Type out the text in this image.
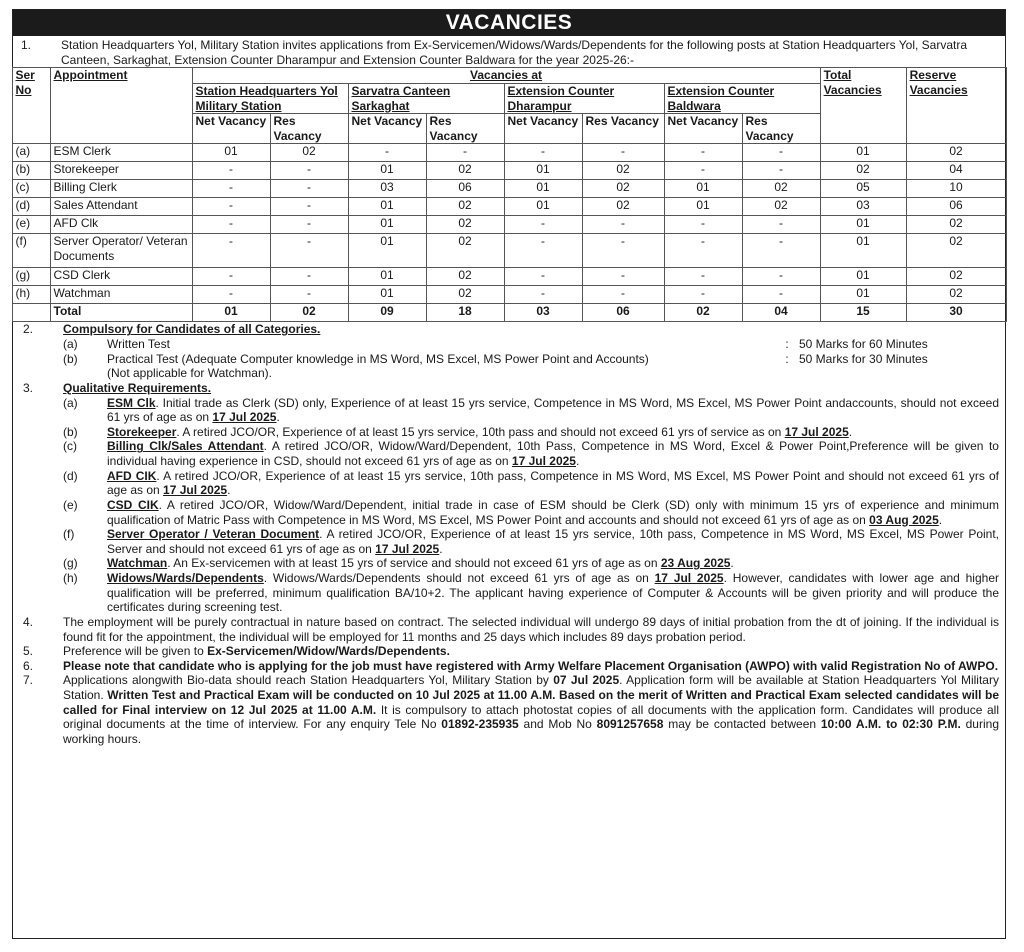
VACANCIES
1.	Station Headquarters Yol, Military Station invites applications from Ex-Servicemen/Widows/Wards/Dependents for the following posts at Station Headquarters Yol, Sarvatra Canteen, Sarkaghat, Extension Counter Dharampur and Extension Counter Baldwara for the year 2025-26:-
Ser No	Appointment	Vacancies at								Total Vacancies	Reserve Vacancies
		Station Headquarters Yol Military Station		Sarvatra Canteen Sarkaghat		Extension Counter Dharampur		Extension Counter Baldwara			
		Net Vacancy	Res Vacancy	Net Vacancy	Res Vacancy	Net Vacancy	Res Vacancy	Net Vacancy	Res Vacancy		
(a)	ESM Clerk	01	02	-	-	-	-	-	-	01	02
(b)	Storekeeper	-	-	01	02	01	02	-	-	02	04
(c)	Billing Clerk	-	-	03	06	01	02	01	02	05	10
(d)	Sales Attendant	-	-	01	02	01	02	01	02	03	06
(e)	AFD Clk	-	-	01	02	-	-	-	-	01	02
(f)	Server Operator/ Veteran Documents	-	-	01	02	-	-	-	-	01	02
(g)	CSD Clerk	-	-	01	02	-	-	-	-	01	02
(h)	Watchman	-	-	01	02	-	-	-	-	01	02
	Total	01	02	09	18	03	06	02	04	15	30
2.	Compulsory for Candidates of all Categories.
(a)	Written Test	: 50 Marks for 60 Minutes
(b)	Practical Test (Adequate Computer knowledge in MS Word, MS Excel, MS Power Point and Accounts)
(Not applicable for Watchman).
: 50 Marks for 30 Minutes
3.	Qualitative Requirements.
(a)	ESM Clk. Initial trade as Clerk (SD) only, Experience of at least 15 yrs service, Competence in MS Word, MS Excel, MS Power Point andaccounts, should not exceed 61 yrs of age as on 17 Jul 2025.
(b)	Storekeeper. A retired JCO/OR, Experience of at least 15 yrs service, 10th pass and should not exceed 61 yrs of service as on 17 Jul 2025.
(c)	Billing Clk/Sales Attendant. A retired JCO/OR, Widow/Ward/Dependent, 10th Pass, Competence in MS Word, Excel & Power Point,Preference will be given to individual having experience in CSD, should not exceed 61 yrs of age as on 17 Jul 2025.
(d)	AFD CIK. A retired JCO/OR, Experience of at least 15 yrs service, 10th pass, Competence in MS Word, MS Excel, MS Power Point and should not exceed 61 yrs of age as on 17 Jul 2025.
(e)	CSD CIK. A retired JCO/OR, Widow/Ward/Dependent, initial trade in case of ESM should be Clerk (SD) only with minimum 15 yrs of experience and minimum qualification of Matric Pass with Competence in MS Word, MS Excel, MS Power Point and accounts and should not exceed 61 yrs of age as on 03 Aug 2025.
(f)	Server Operator / Veteran Document. A retired JCO/OR, Experience of at least 15 yrs service, 10th pass, Competence in MS Word, MS Excel, MS Power Point, Server and should not exceed 61 yrs of age as on 17 Jul 2025.
(g)	Watchman. An Ex-servicemen with at least 15 yrs of service and should not exceed 61 yrs of age as on 23 Aug 2025.
(h)	Widows/Wards/Dependents. Widows/Wards/Dependents should not exceed 61 yrs of age as on 17 Jul 2025. However, candidates with lower age and higher qualification will be preferred, minimum qualification BA/10+2. The applicant having experience of Computer & Accounts will be given priority and will produce the certificates during screening test.
4.	The employment will be purely contractual in nature based on contract. The selected individual will undergo 89 days of initial probation from the dt of joining. If the individual is found fit for the appointment, the individual will be employed for 11 months and 25 days which includes 89 days probation period.
5.	Preference will be given to Ex-Servicemen/Widow/Wards/Dependents.
6.	Please note that candidate who is applying for the job must have registered with Army Welfare Placement Organisation (AWPO) with valid Registration No of AWPO.
7.	Applications alongwith Bio-data should reach Station Headquarters Yol, Military Station by 07 Jul 2025. Application form will be available at Station Headquarters Yol Military Station. Written Test and Practical Exam will be conducted on 10 Jul 2025 at 11.00 A.M. Based on the merit of Written and Practical Exam selected candidates will be called for Final interview on 12 Jul 2025 at 11.00 A.M. It is compulsory to attach photostat copies of all documents with the application form. Candidates will produce all original documents at the time of interview. For any enquiry Tele No 01892-235935 and Mob No 8091257658 may be contacted between 10:00 A.M. to 02:30 P.M. during working hours.
